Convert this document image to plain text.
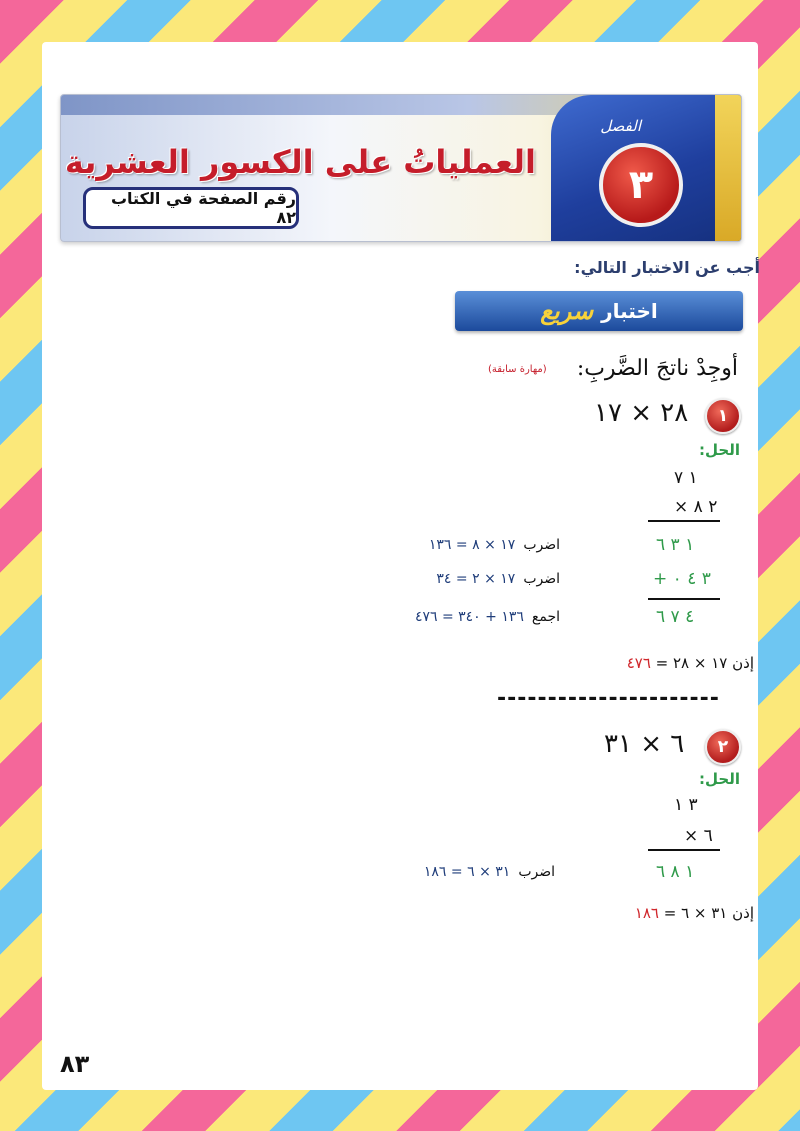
الفصل
٣
العملياتُ على الكسور العشرية
رقم الصفحة في الكتاب ٨٢
أجب عن الاختبار التالي:
اختبار
سريع
أوجِدْ ناتجَ الضَّربِ:
(مهارة سابقة)
١
٢٨ × ١٧
الحل:
١ ٧
× ٢ ٨
١ ٣ ٦
+ ٣ ٤ ٠
٤ ٧ ٦
اضرب١٧ × ٨ = ١٣٦
اضرب١٧ × ٢ = ٣٤
اجمع١٣٦ + ٣٤٠ = ٤٧٦
إذن ١٧ × ٢٨ = ٤٧٦
----------------------
٢
٦ × ٣١
الحل:
٣ ١
× ٦
١ ٨ ٦
اضرب٣١ × ٦ = ١٨٦
إذن ٣١ × ٦ = ١٨٦
٨٣
